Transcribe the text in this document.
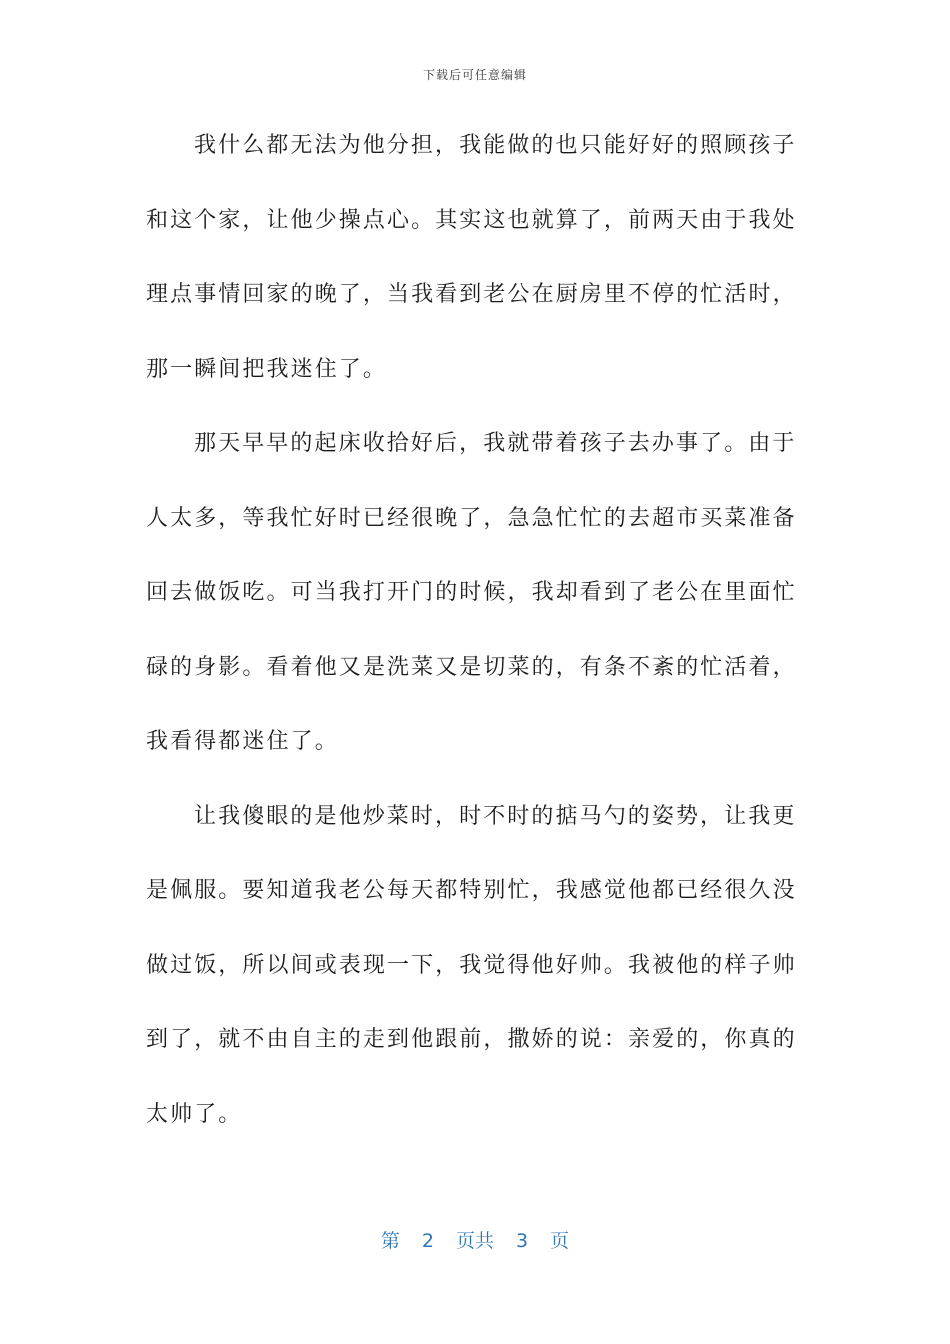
下载后可任意编辑
我什么都无法为他分担，我能做的也只能好好的照顾孩子
和这个家，让他少操点心。其实这也就算了，前两天由于我处
理点事情回家的晚了，当我看到老公在厨房里不停的忙活时，
那一瞬间把我迷住了。
那天早早的起床收拾好后，我就带着孩子去办事了。由于
人太多，等我忙好时已经很晚了，急急忙忙的去超市买菜准备
回去做饭吃。可当我打开门的时候，我却看到了老公在里面忙
碌的身影。看着他又是洗菜又是切菜的，有条不紊的忙活着，
我看得都迷住了。
让我傻眼的是他炒菜时，时不时的掂马勺的姿势，让我更
是佩服。要知道我老公每天都特别忙，我感觉他都已经很久没
做过饭，所以间或表现一下，我觉得他好帅。我被他的样子帅
到了，就不由自主的走到他跟前，撒娇的说：亲爱的，你真的
太帅了。
第 2 页共 3 页
